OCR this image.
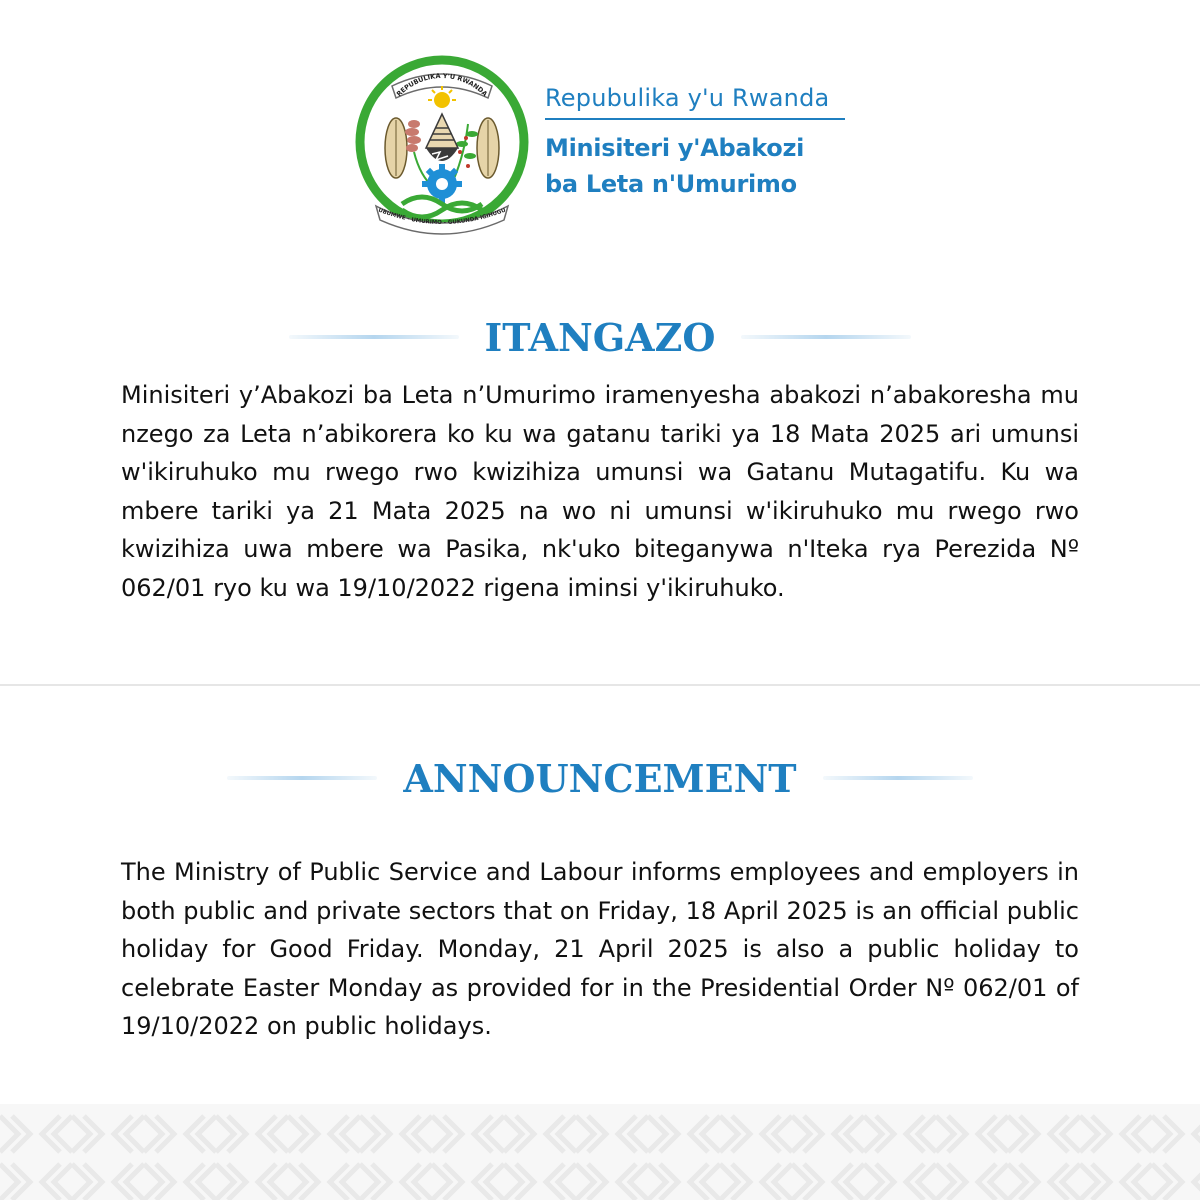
REPUBULIKA Y'U RWANDA
UBUMWE - UMURIMO - GUKUNDA IGIHUGU
Repubulika y'u Rwanda
Minisiteri y'Abakozi
ba Leta n'Umurimo
ITANGAZO

Minisiteri y’Abakozi ba Leta n’Umurimo iramenyesha abakozi n’abakoresha mu nzego za Leta n’abikorera ko ku wa gatanu tariki ya 18 Mata 2025 ari umunsi w'ikiruhuko mu rwego rwo kwizihiza umunsi wa Gatanu Mutagatifu. Ku wa mbere tariki ya 21 Mata 2025 na wo ni umunsi w'ikiruhuko mu rwego rwo kwizihiza uwa mbere wa Pasika, nk'uko biteganywa n'Iteka rya Perezida Nº 062/01 ryo ku wa 19/10/2022 rigena iminsi y'ikiruhuko.

ANNOUNCEMENT

The Ministry of Public Service and Labour informs employees and employers in both public and private sectors that on Friday, 18 April 2025 is an official public holiday for Good Friday. Monday, 21 April 2025 is also a public holiday to celebrate Easter Monday as provided for in the Presidential Order Nº 062/01 of 19/10/2022 on public holidays.
